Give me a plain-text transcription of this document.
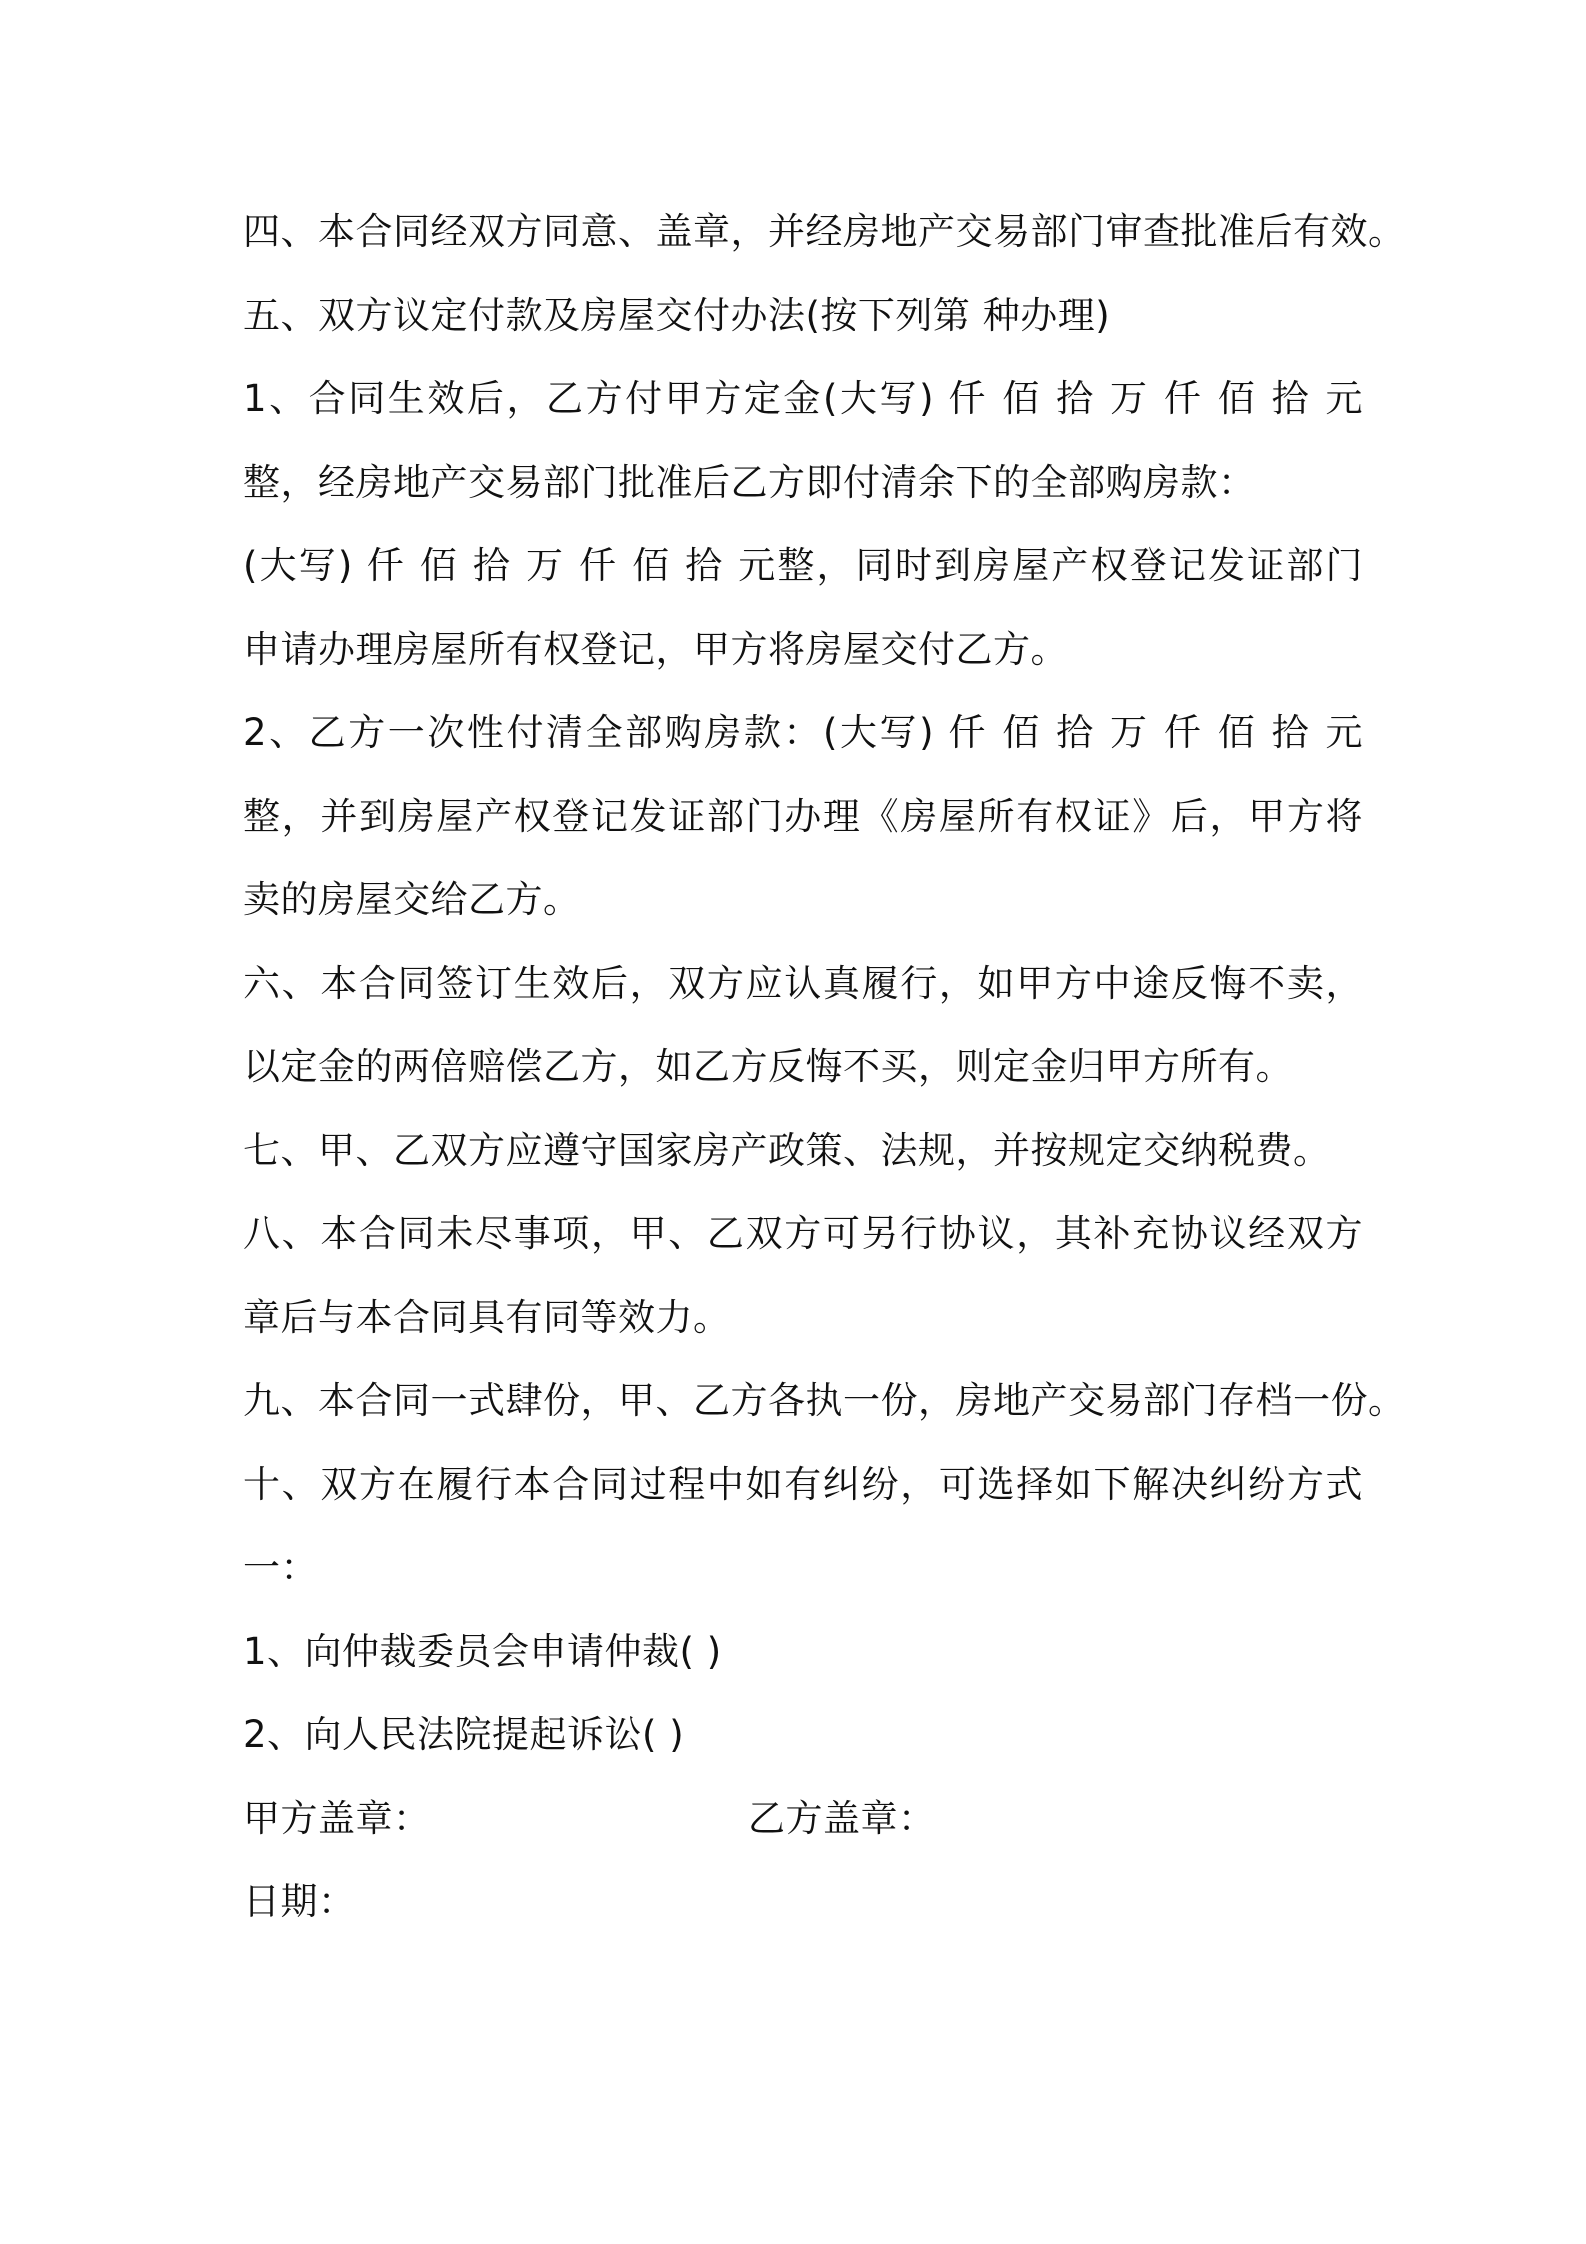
四、本合同经双方同意、盖章，并经房地产交易部门审查批准后有效。
五、双方议定付款及房屋交付办法(按下列第 种办理)
1、合同生效后，乙方付甲方定金(大写) 仟 佰 拾 万 仟 佰 拾 元
整，经房地产交易部门批准后乙方即付清余下的全部购房款：
(大写) 仟 佰 拾 万 仟 佰 拾 元整，同时到房屋产权登记发证部门
申请办理房屋所有权登记，甲方将房屋交付乙方。
2、乙方一次性付清全部购房款：(大写) 仟 佰 拾 万 仟 佰 拾 元
整，并到房屋产权登记发证部门办理《房屋所有权证》后，甲方将
卖的房屋交给乙方。
六、本合同签订生效后，双方应认真履行，如甲方中途反悔不卖，
以定金的两倍赔偿乙方，如乙方反悔不买，则定金归甲方所有。
七、甲、乙双方应遵守国家房产政策、法规，并按规定交纳税费。
八、本合同未尽事项，甲、乙双方可另行协议，其补充协议经双方
章后与本合同具有同等效力。
九、本合同一式肆份，甲、乙方各执一份，房地产交易部门存档一份。
十、双方在履行本合同过程中如有纠纷，可选择如下解决纠纷方式
一：
1、向仲裁委员会申请仲裁( )
2、向人民法院提起诉讼( )
甲方盖章：	乙方盖章：
日期：
